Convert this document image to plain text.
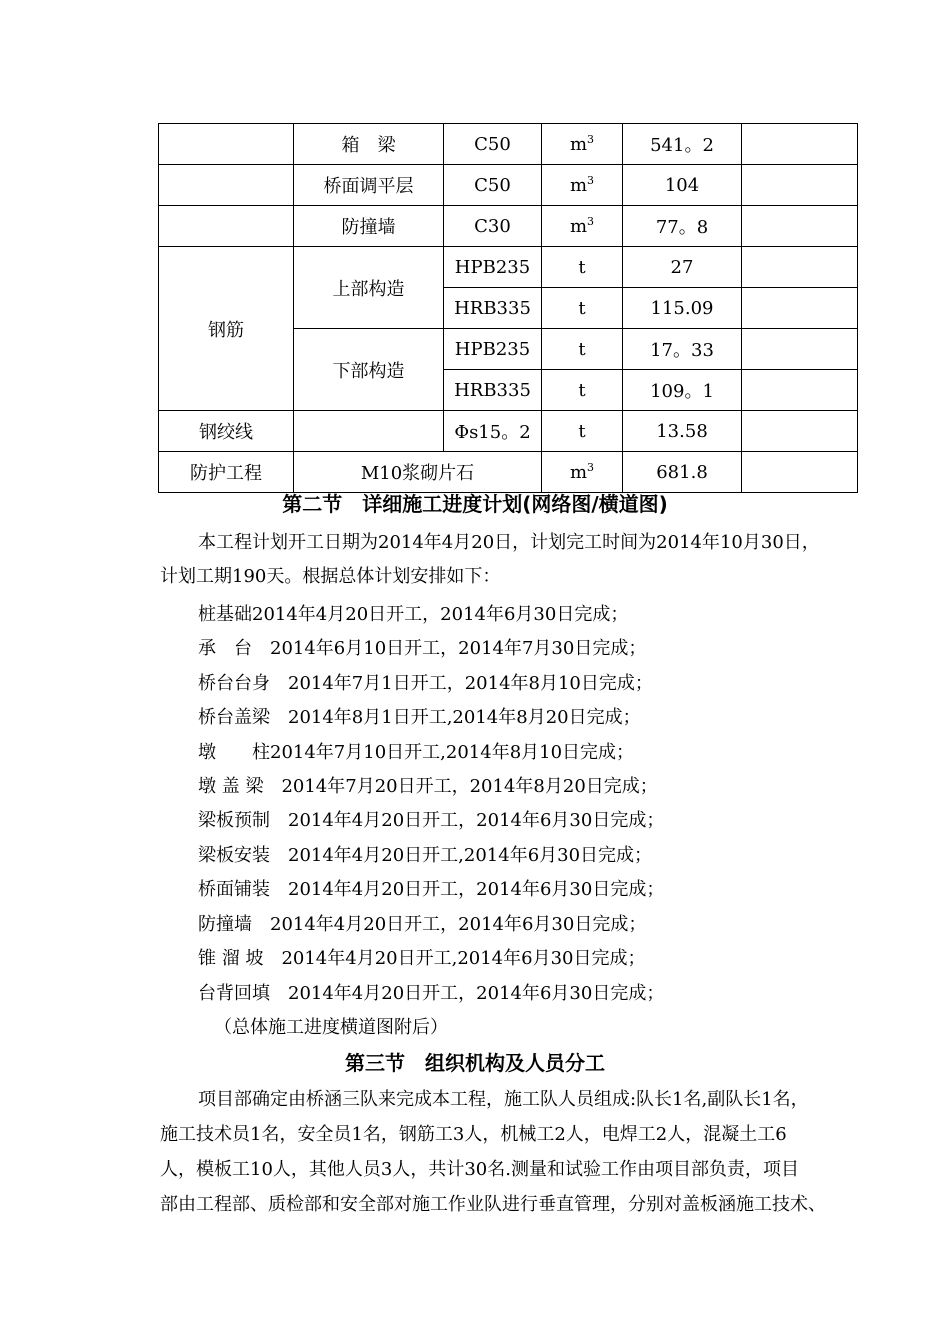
	箱　梁	C50	$m^3$	541。2	
	桥面调平层	C50	$m^3$	104	
	防撞墙	C30	$m^3$	77。8	
钢筋	上部构造	HPB235	t	27	
		HRB335	t	115.09	
	下部构造	HPB235	t	17。33	
		HRB335	t	109。1	
钢绞线		Φs15。2	t	13.58	
防护工程	M10浆砌片石		$m^3$	681.8	
第二节　详细施工进度计划(网络图/横道图)
本工程计划开工日期为2014年4月20日，计划完工时间为2014年10月30日，
计划工期190天。根据总体计划安排如下：
桩基础2014年4月20日开工，2014年6月30日完成；
承　台　2014年6月10日开工，2014年7月30日完成；
桥台台身　2014年7月1日开工，2014年8月10日完成；
桥台盖梁　2014年8月1日开工,2014年8月20日完成；
墩　　柱2014年7月10日开工,2014年8月10日完成；
墩 盖 梁　2014年7月20日开工，2014年8月20日完成；
梁板预制　2014年4月20日开工，2014年6月30日完成；
梁板安装　2014年4月20日开工,2014年6月30日完成；
桥面铺装　2014年4月20日开工，2014年6月30日完成；
防撞墙　2014年4月20日开工，2014年6月30日完成；
锥 溜 坡　2014年4月20日开工,2014年6月30日完成；
台背回填　2014年4月20日开工，2014年6月30日完成；
（总体施工进度横道图附后）
第三节　组织机构及人员分工
项目部确定由桥涵三队来完成本工程，施工队人员组成:队长1名,副队长1名，
施工技术员1名，安全员1名，钢筋工3人，机械工2人，电焊工2人，混凝土工6
人，模板工10人，其他人员3人，共计30名.测量和试验工作由项目部负责，项目
部由工程部、质检部和安全部对施工作业队进行垂直管理，分别对盖板涵施工技术、
